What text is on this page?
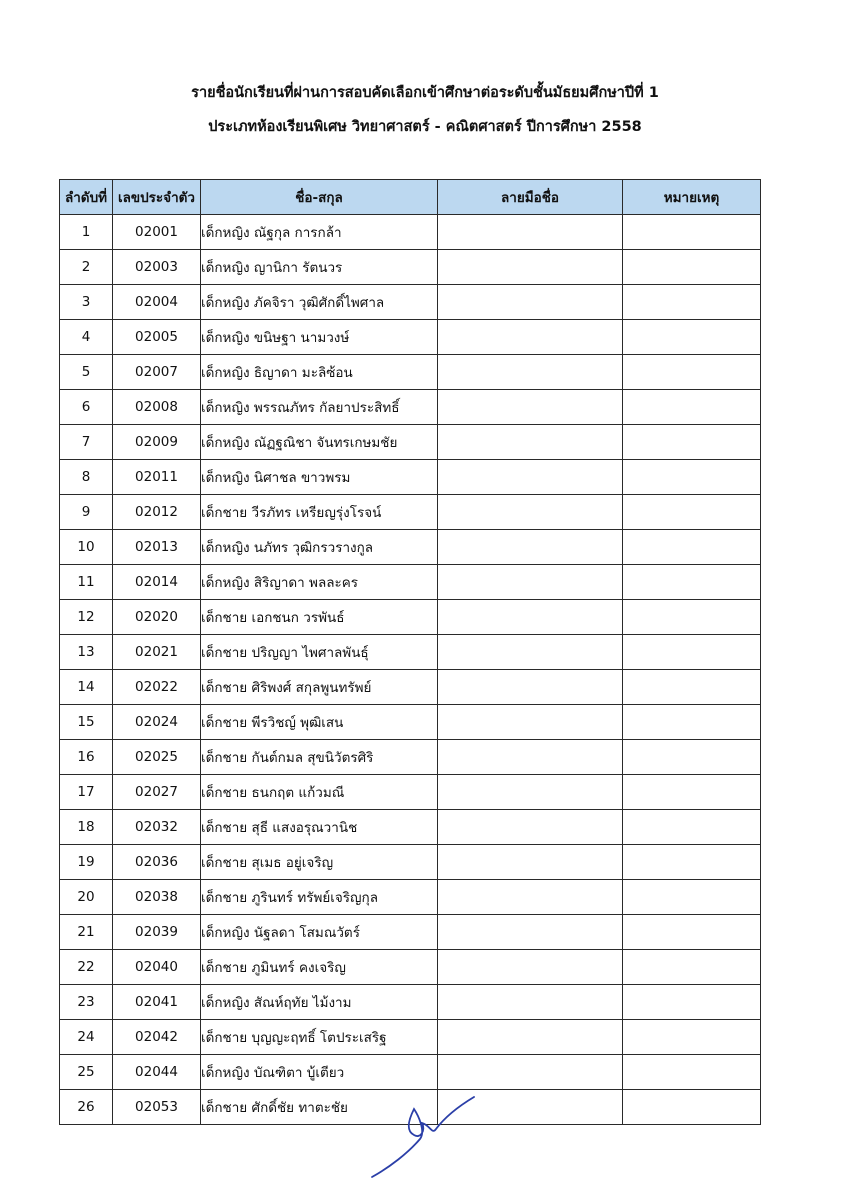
รายชื่อนักเรียนที่ผ่านการสอบคัดเลือกเข้าศึกษาต่อระดับชั้นมัธยมศึกษาปีที่ 1
ประเภทห้องเรียนพิเศษ วิทยาศาสตร์ - คณิตศาสตร์ ปีการศึกษา 2558
ลำดับที่	เลขประจำตัว	ชื่อ-สกุล	ลายมือชื่อ	หมายเหตุ
1	02001	เด็กหญิง ณัฐกุล การกล้า		
2	02003	เด็กหญิง ญานิกา รัตนวร		
3	02004	เด็กหญิง ภัคจิรา วุฒิศักดิ์ไพศาล		
4	02005	เด็กหญิง ขนิษฐา นามวงษ์		
5	02007	เด็กหญิง ธิญาดา มะลิซ้อน		
6	02008	เด็กหญิง พรรณภัทร กัลยาประสิทธิ์		
7	02009	เด็กหญิง ณัฏฐณิชา จันทรเกษมชัย		
8	02011	เด็กหญิง นิศาชล ขาวพรม		
9	02012	เด็กชาย วีรภัทร เหรียญรุ่งโรจน์		
10	02013	เด็กหญิง นภัทร วุฒิกรวรางกูล		
11	02014	เด็กหญิง สิริญาดา พลละคร		
12	02020	เด็กชาย เอกชนก วรพันธ์		
13	02021	เด็กชาย ปริญญา ไพศาลพันธุ์		
14	02022	เด็กชาย ศิริพงศ์ สกุลพูนทรัพย์		
15	02024	เด็กชาย พีรวิชญ์ พุฒิเสน		
16	02025	เด็กชาย กันต์กมล สุขนิวัตรศิริ		
17	02027	เด็กชาย ธนกฤต แก้วมณี		
18	02032	เด็กชาย สุธี แสงอรุณวานิช		
19	02036	เด็กชาย สุเมธ อยู่เจริญ		
20	02038	เด็กชาย ภูรินทร์ ทรัพย์เจริญกุล		
21	02039	เด็กหญิง นัฐลดา โสมณวัตร์		
22	02040	เด็กชาย ภูมินทร์ คงเจริญ		
23	02041	เด็กหญิง สัณห์ฤทัย ไม้งาม		
24	02042	เด็กชาย บุญญะฤทธิ์ โตประเสริฐ		
25	02044	เด็กหญิง บัณฑิตา บู้เตียว		
26	02053	เด็กชาย ศักดิ์ชัย ทาตะชัย		
